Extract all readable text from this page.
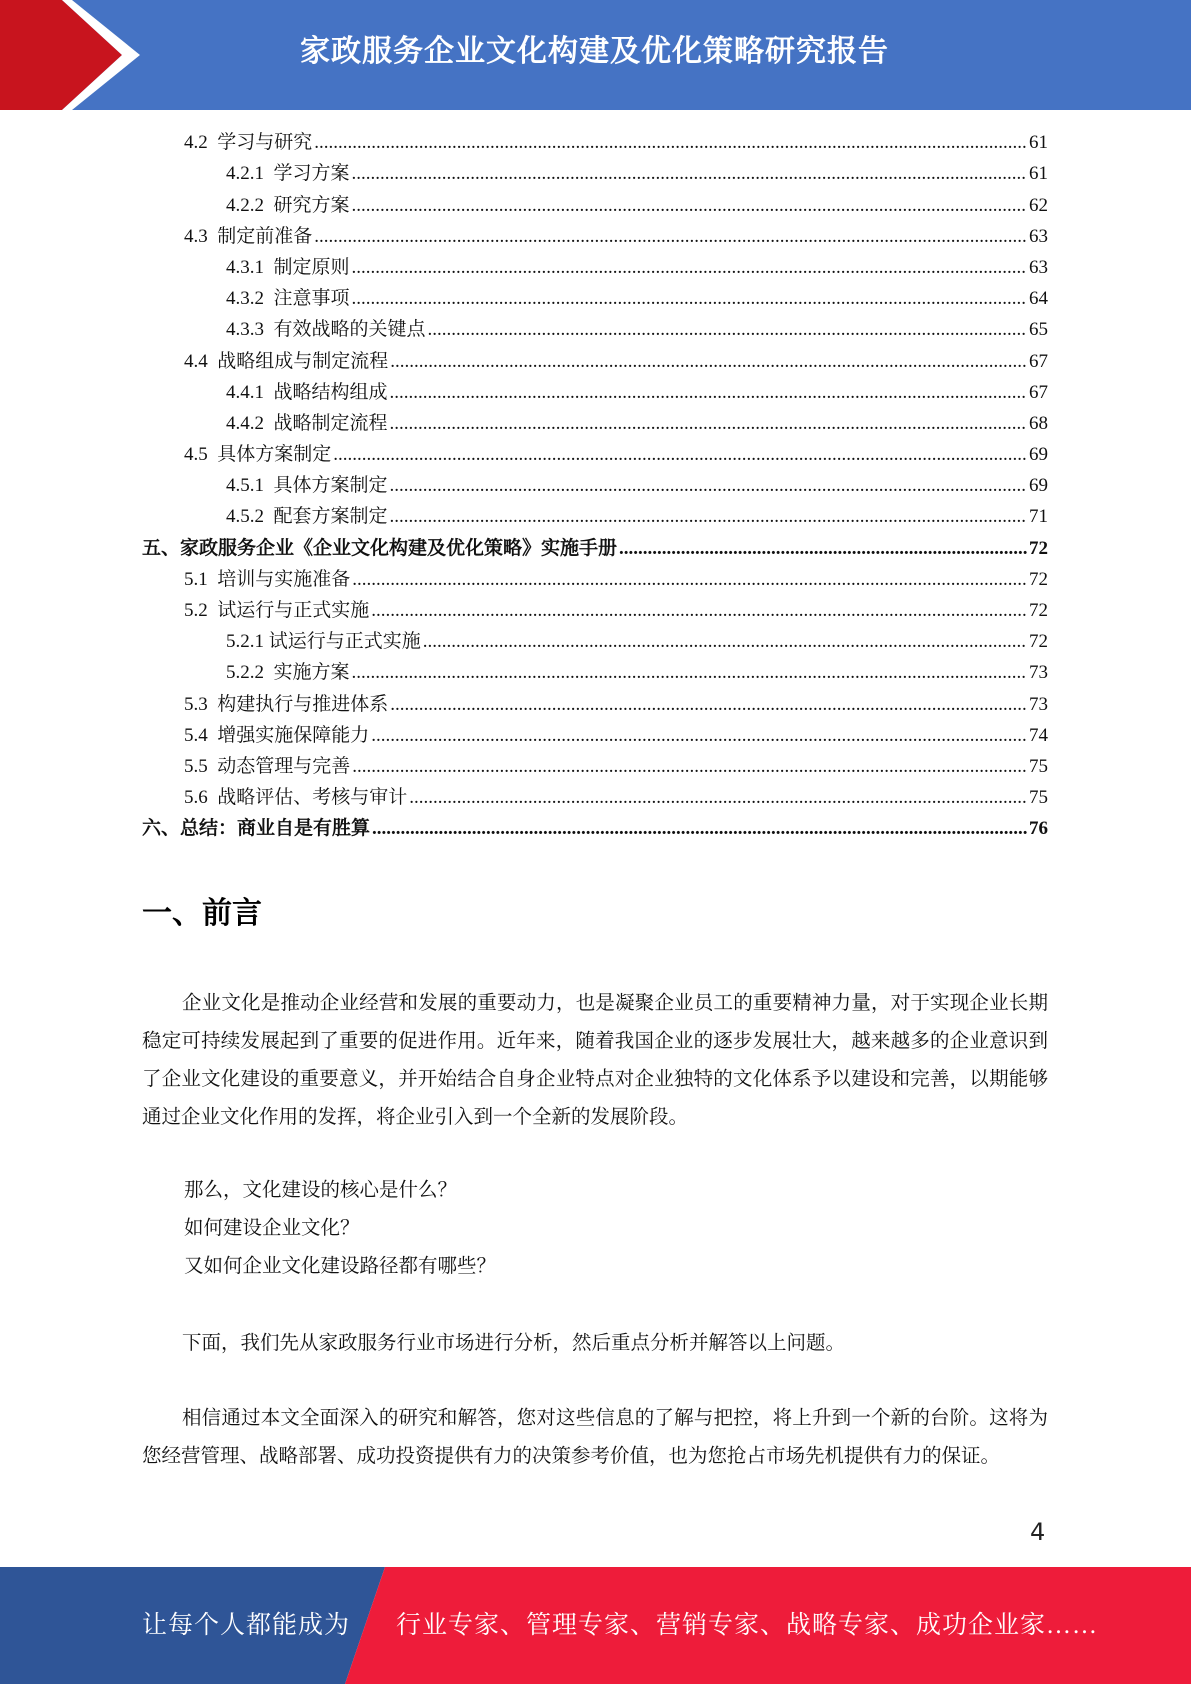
家政服务企业文化构建及优化策略研究报告
4.2  学习与研究 .....	61
4.2.1  学习方案 .....	61
4.2.2  研究方案 .....	62
4.3  制定前准备 .....	63
4.3.1  制定原则 .....	63
4.3.2  注意事项 .....	64
4.3.3  有效战略的关键点 .....	65
4.4  战略组成与制定流程 .....	67
4.4.1  战略结构组成 .....	67
4.4.2  战略制定流程 .....	68
4.5  具体方案制定 .....	69
4.5.1  具体方案制定 .....	69
4.5.2  配套方案制定 .....	71
五、家政服务企业《企业文化构建及优化策略》实施手册 .....	72
5.1  培训与实施准备 .....	72
5.2  试运行与正式实施 .....	72
5.2.1 试运行与正式实施 .....	72
5.2.2  实施方案 .....	73
5.3  构建执行与推进体系 .....	73
5.4  增强实施保障能力 .....	74
5.5  动态管理与完善 .....	75
5.6  战略评估、考核与审计 .....	75
六、总结：商业自是有胜算 .....	76
一、前言

企业文化是推动企业经营和发展的重要动力，也是凝聚企业员工的重要精神力量，对于实现企业长期稳定可持续发展起到了重要的促进作用。近年来，随着我国企业的逐步发展壮大，越来越多的企业意识到了企业文化建设的重要意义，并开始结合自身企业特点对企业独特的文化体系予以建设和完善，以期能够通过企业文化作用的发挥，将企业引入到一个全新的发展阶段。

那么，文化建设的核心是什么？
如何建设企业文化？
又如何企业文化建设路径都有哪些？

下面，我们先从家政服务行业市场进行分析，然后重点分析并解答以上问题。

相信通过本文全面深入的研究和解答，您对这些信息的了解与把控，将上升到一个新的台阶。这将为您经营管理、战略部署、成功投资提供有力的决策参考价值，也为您抢占市场先机提供有力的保证。

4
让每个人都能成为 行业专家、管理专家、营销专家、战略专家、成功企业家……
